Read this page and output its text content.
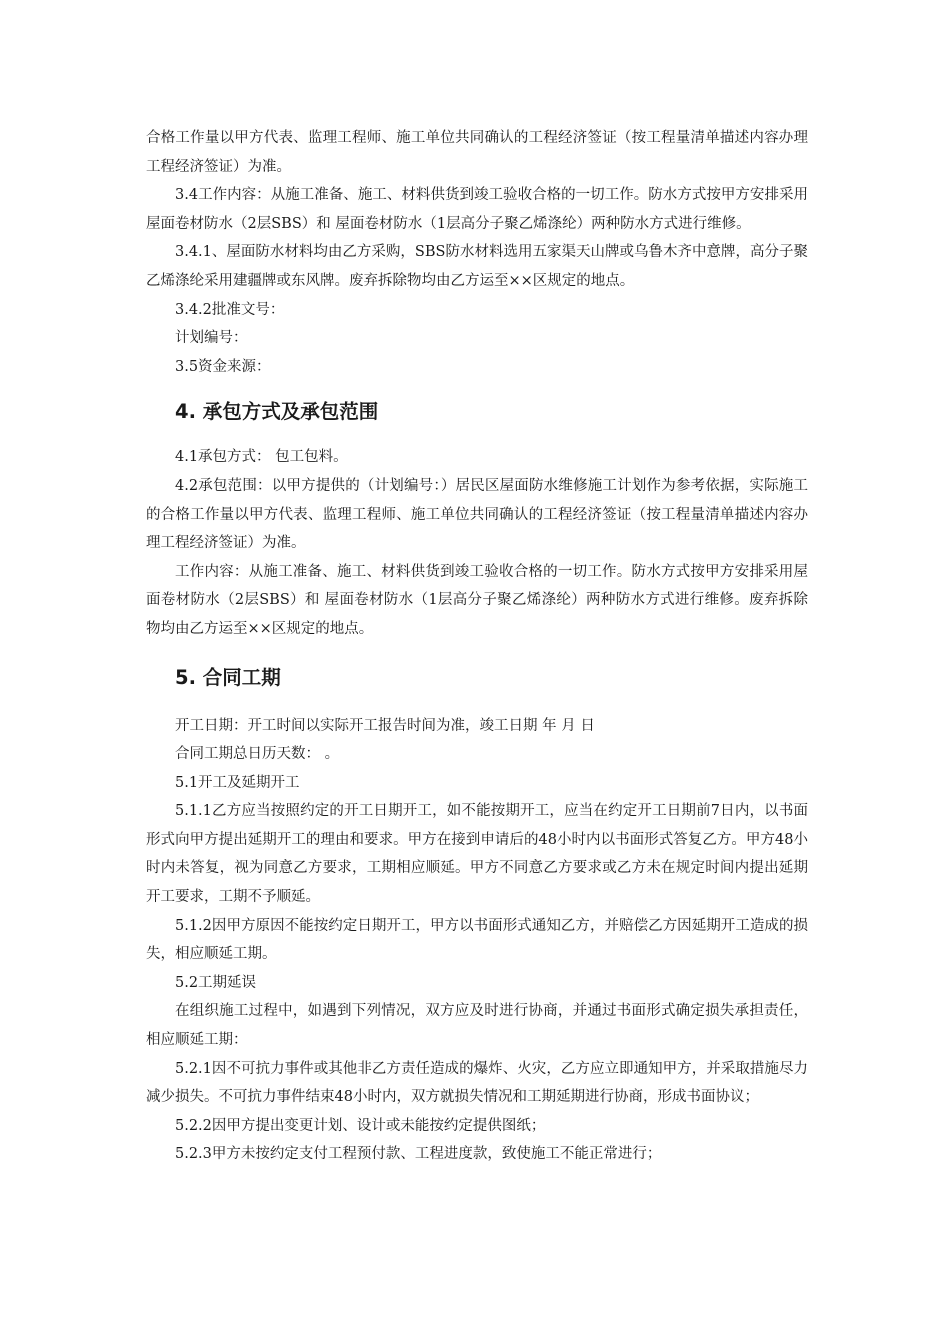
合格工作量以甲方代表、监理工程师、施工单位共同确认的工程经济签证（按工程量清单描述内容办理工程经济签证）为准。

3.4工作内容：从施工准备、施工、材料供货到竣工验收合格的一切工作。防水方式按甲方安排采用屋面卷材防水（2层SBS）和 屋面卷材防水（1层高分子聚乙烯涤纶）两种防水方式进行维修。

3.4.1、屋面防水材料均由乙方采购，SBS防水材料选用五家渠天山牌或乌鲁木齐中意牌，高分子聚乙烯涤纶采用建疆牌或东风牌。废弃拆除物均由乙方运至××区规定的地点。

3.4.2批准文号：

计划编号：

3.5资金来源：

4. 承包方式及承包范围

4.1承包方式： 包工包料。

4.2承包范围：以甲方提供的（计划编号：）居民区屋面防水维修施工计划作为参考依据，实际施工的合格工作量以甲方代表、监理工程师、施工单位共同确认的工程经济签证（按工程量清单描述内容办理工程经济签证）为准。

工作内容：从施工准备、施工、材料供货到竣工验收合格的一切工作。防水方式按甲方安排采用屋面卷材防水（2层SBS）和 屋面卷材防水（1层高分子聚乙烯涤纶）两种防水方式进行维修。废弃拆除物均由乙方运至××区规定的地点。

5. 合同工期

开工日期：开工时间以实际开工报告时间为准，竣工日期 年 月 日

合同工期总日历天数： 。

5.1开工及延期开工

5.1.1乙方应当按照约定的开工日期开工，如不能按期开工，应当在约定开工日期前7日内，以书面形式向甲方提出延期开工的理由和要求。甲方在接到申请后的48小时内以书面形式答复乙方。甲方48小时内未答复，视为同意乙方要求，工期相应顺延。甲方不同意乙方要求或乙方未在规定时间内提出延期开工要求，工期不予顺延。

5.1.2因甲方原因不能按约定日期开工，甲方以书面形式通知乙方，并赔偿乙方因延期开工造成的损失，相应顺延工期。

5.2工期延误

在组织施工过程中，如遇到下列情况，双方应及时进行协商，并通过书面形式确定损失承担责任，相应顺延工期：

5.2.1因不可抗力事件或其他非乙方责任造成的爆炸、火灾，乙方应立即通知甲方，并采取措施尽力减少损失。不可抗力事件结束48小时内，双方就损失情况和工期延期进行协商，形成书面协议；

5.2.2因甲方提出变更计划、设计或未能按约定提供图纸；

5.2.3甲方未按约定支付工程预付款、工程进度款，致使施工不能正常进行；
